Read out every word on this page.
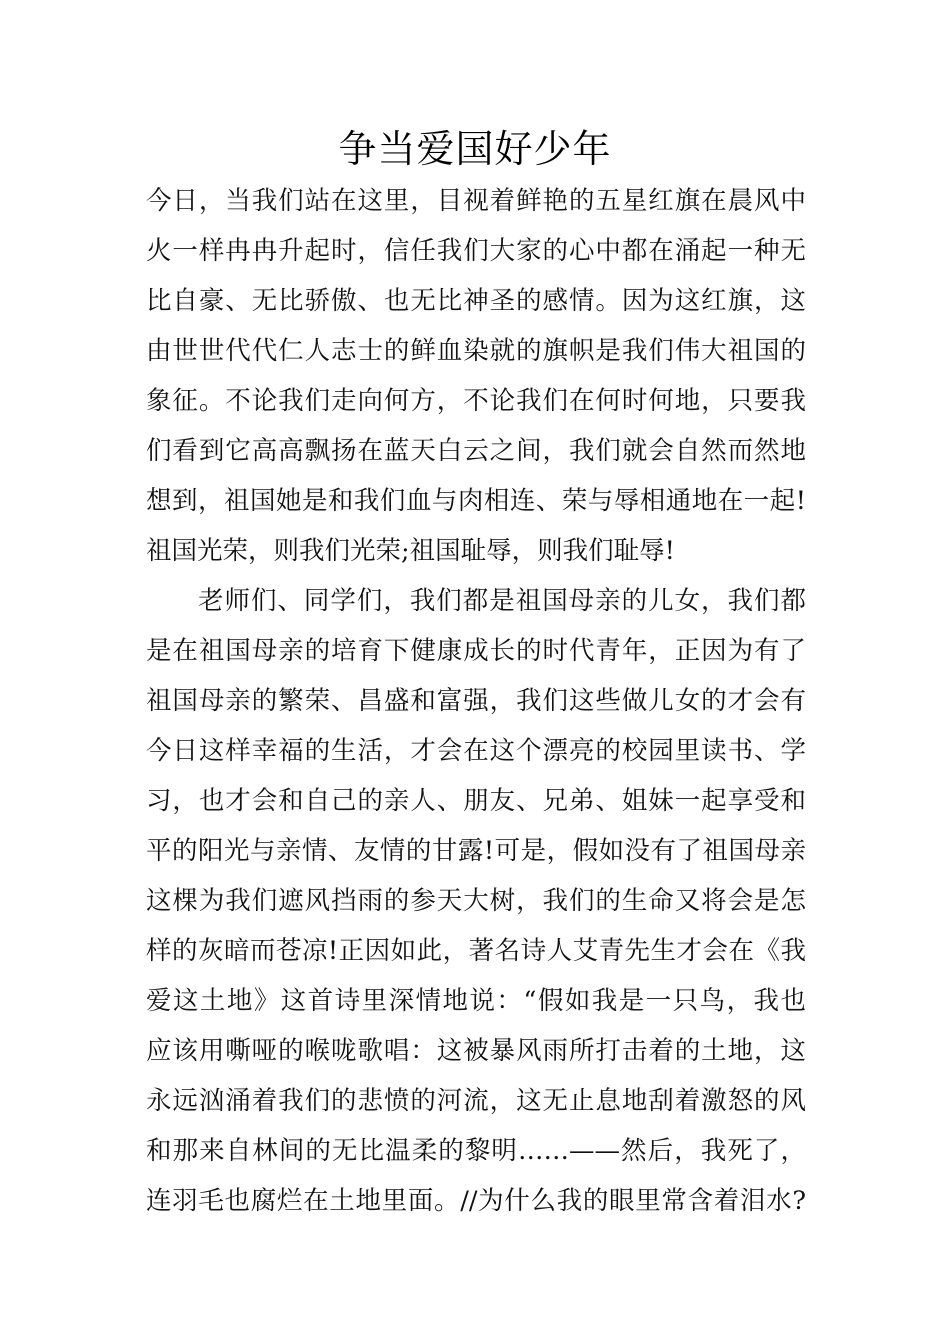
争当爱国好少年
今日，当我们站在这里，目视着鲜艳的五星红旗在晨风中
火一样冉冉升起时，信任我们大家的心中都在涌起一种无
比自豪、无比骄傲、也无比神圣的感情。因为这红旗，这
由世世代代仁人志士的鲜血染就的旗帜是我们伟大祖国的
象征。不论我们走向何方，不论我们在何时何地，只要我
们看到它高高飘扬在蓝天白云之间，我们就会自然而然地
想到，祖国她是和我们血与肉相连、荣与辱相通地在一起!
祖国光荣，则我们光荣;祖国耻辱，则我们耻辱!
老师们、同学们，我们都是祖国母亲的儿女，我们都
是在祖国母亲的培育下健康成长的时代青年，正因为有了
祖国母亲的繁荣、昌盛和富强，我们这些做儿女的才会有
今日这样幸福的生活，才会在这个漂亮的校园里读书、学
习，也才会和自己的亲人、朋友、兄弟、姐妹一起享受和
平的阳光与亲情、友情的甘露!可是，假如没有了祖国母亲
这棵为我们遮风挡雨的参天大树，我们的生命又将会是怎
样的灰暗而苍凉!正因如此，著名诗人艾青先生才会在《我
爱这土地》这首诗里深情地说：“假如我是一只鸟，我也
应该用嘶哑的喉咙歌唱：这被暴风雨所打击着的土地，这
永远汹涌着我们的悲愤的河流，这无止息地刮着激怒的风
和那来自林间的无比温柔的黎明……——然后，我死了，
连羽毛也腐烂在土地里面。//为什么我的眼里常含着泪水?
